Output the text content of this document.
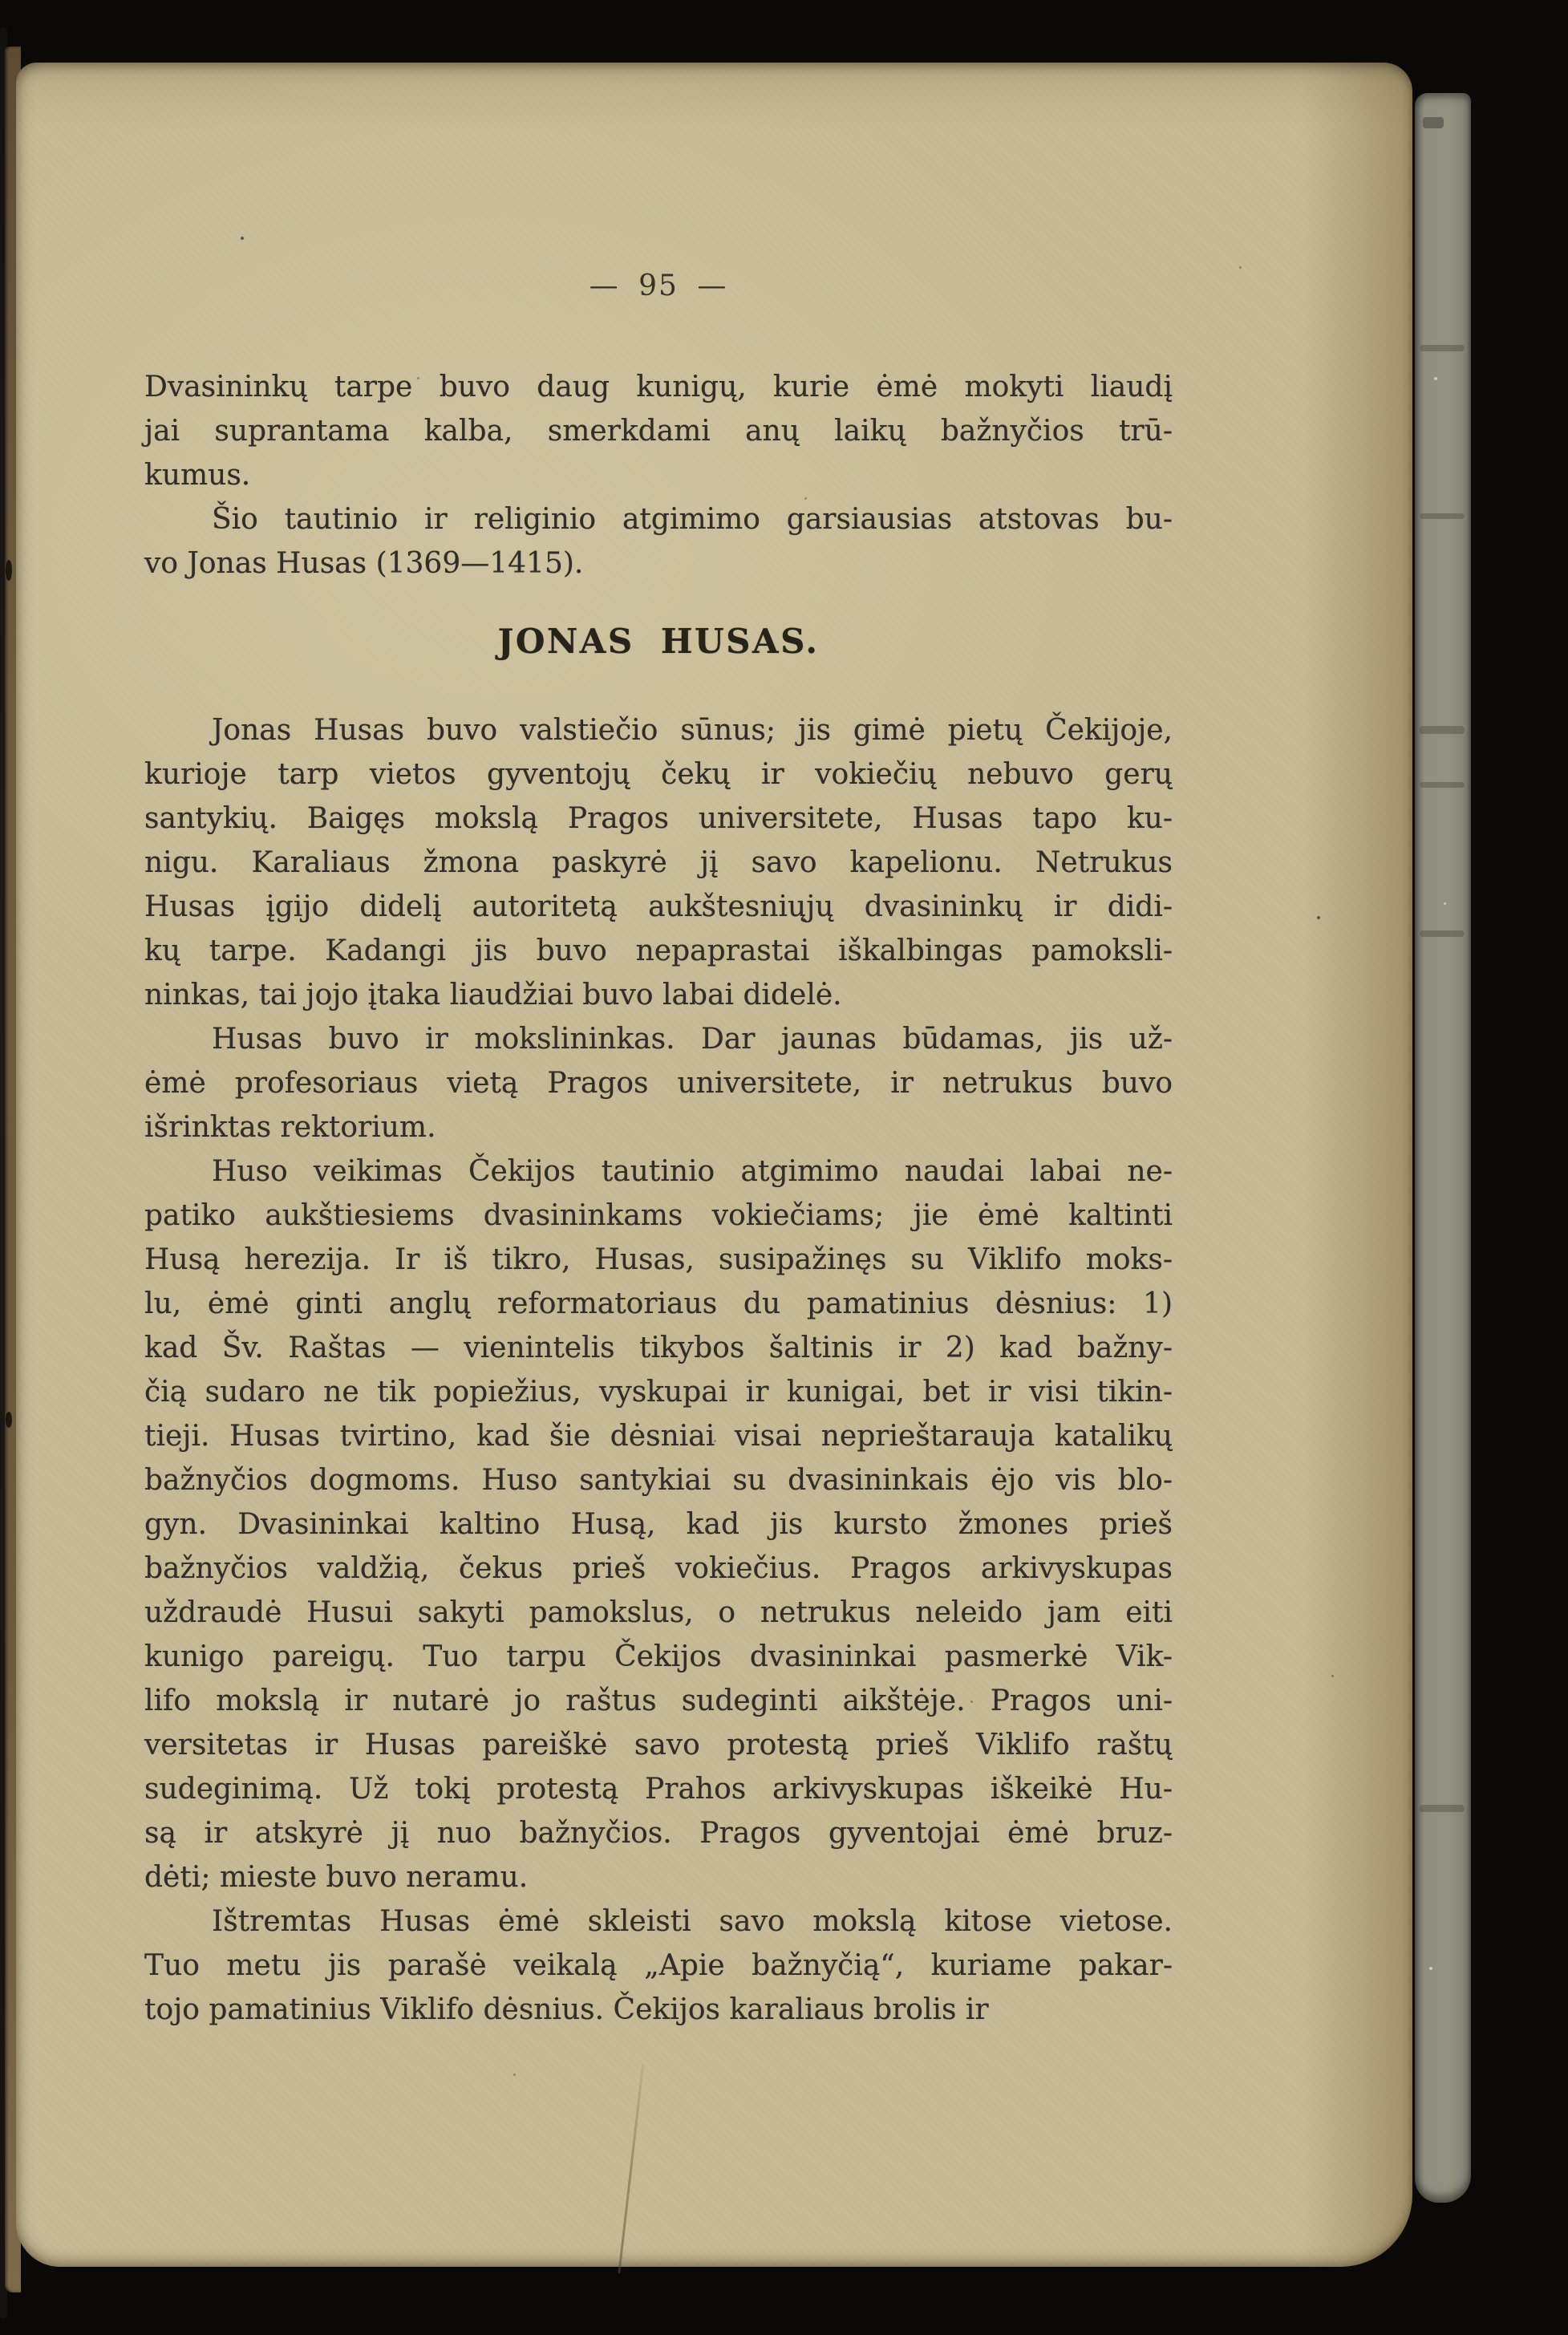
— 95 —
Dvasininkų tarpe buvo daug kunigų, kurie ėmė mokyti liaudį
jai suprantama kalba, smerkdami anų laikų bažnyčios trū-
kumus.
Šio tautinio ir religinio atgimimo garsiausias atstovas bu-
vo Jonas Husas (1369—1415).
JONAS HUSAS.
Jonas Husas buvo valstiečio sūnus; jis gimė pietų Čekijoje,
kurioje tarp vietos gyventojų čekų ir vokiečių nebuvo gerų
santykių. Baigęs mokslą Pragos universitete, Husas tapo ku-
nigu. Karaliaus žmona paskyrė jį savo kapelionu. Netrukus
Husas įgijo didelį autoritetą aukštesniųjų dvasininkų ir didi-
kų tarpe. Kadangi jis buvo nepaprastai iškalbingas pamoksli-
ninkas, tai jojo įtaka liaudžiai buvo labai didelė.
Husas buvo ir mokslininkas. Dar jaunas būdamas, jis už-
ėmė profesoriaus vietą Pragos universitete, ir netrukus buvo
išrinktas rektorium.
Huso veikimas Čekijos tautinio atgimimo naudai labai ne-
patiko aukštiesiems dvasininkams vokiečiams; jie ėmė kaltinti
Husą herezija. Ir iš tikro, Husas, susipažinęs su Viklifo moks-
lu, ėmė ginti anglų reformatoriaus du pamatinius dėsnius: 1)
kad Šv. Raštas — vienintelis tikybos šaltinis ir 2) kad bažny-
čią sudaro ne tik popiežius, vyskupai ir kunigai, bet ir visi tikin-
tieji. Husas tvirtino, kad šie dėsniai visai neprieštarauja katalikų
bažnyčios dogmoms. Huso santykiai su dvasininkais ėjo vis blo-
gyn. Dvasininkai kaltino Husą, kad jis kursto žmones prieš
bažnyčios valdžią, čekus prieš vokiečius. Pragos arkivyskupas
uždraudė Husui sakyti pamokslus, o netrukus neleido jam eiti
kunigo pareigų. Tuo tarpu Čekijos dvasininkai pasmerkė Vik-
lifo mokslą ir nutarė jo raštus sudeginti aikštėje. Pragos uni-
versitetas ir Husas pareiškė savo protestą prieš Viklifo raštų
sudeginimą. Už tokį protestą Prahos arkivyskupas iškeikė Hu-
są ir atskyrė jį nuo bažnyčios. Pragos gyventojai ėmė bruz-
dėti; mieste buvo neramu.
Ištremtas Husas ėmė skleisti savo mokslą kitose vietose.
Tuo metu jis parašė veikalą „Apie bažnyčią“, kuriame pakar-
tojo pamatinius Viklifo dėsnius. Čekijos karaliaus brolis ir
